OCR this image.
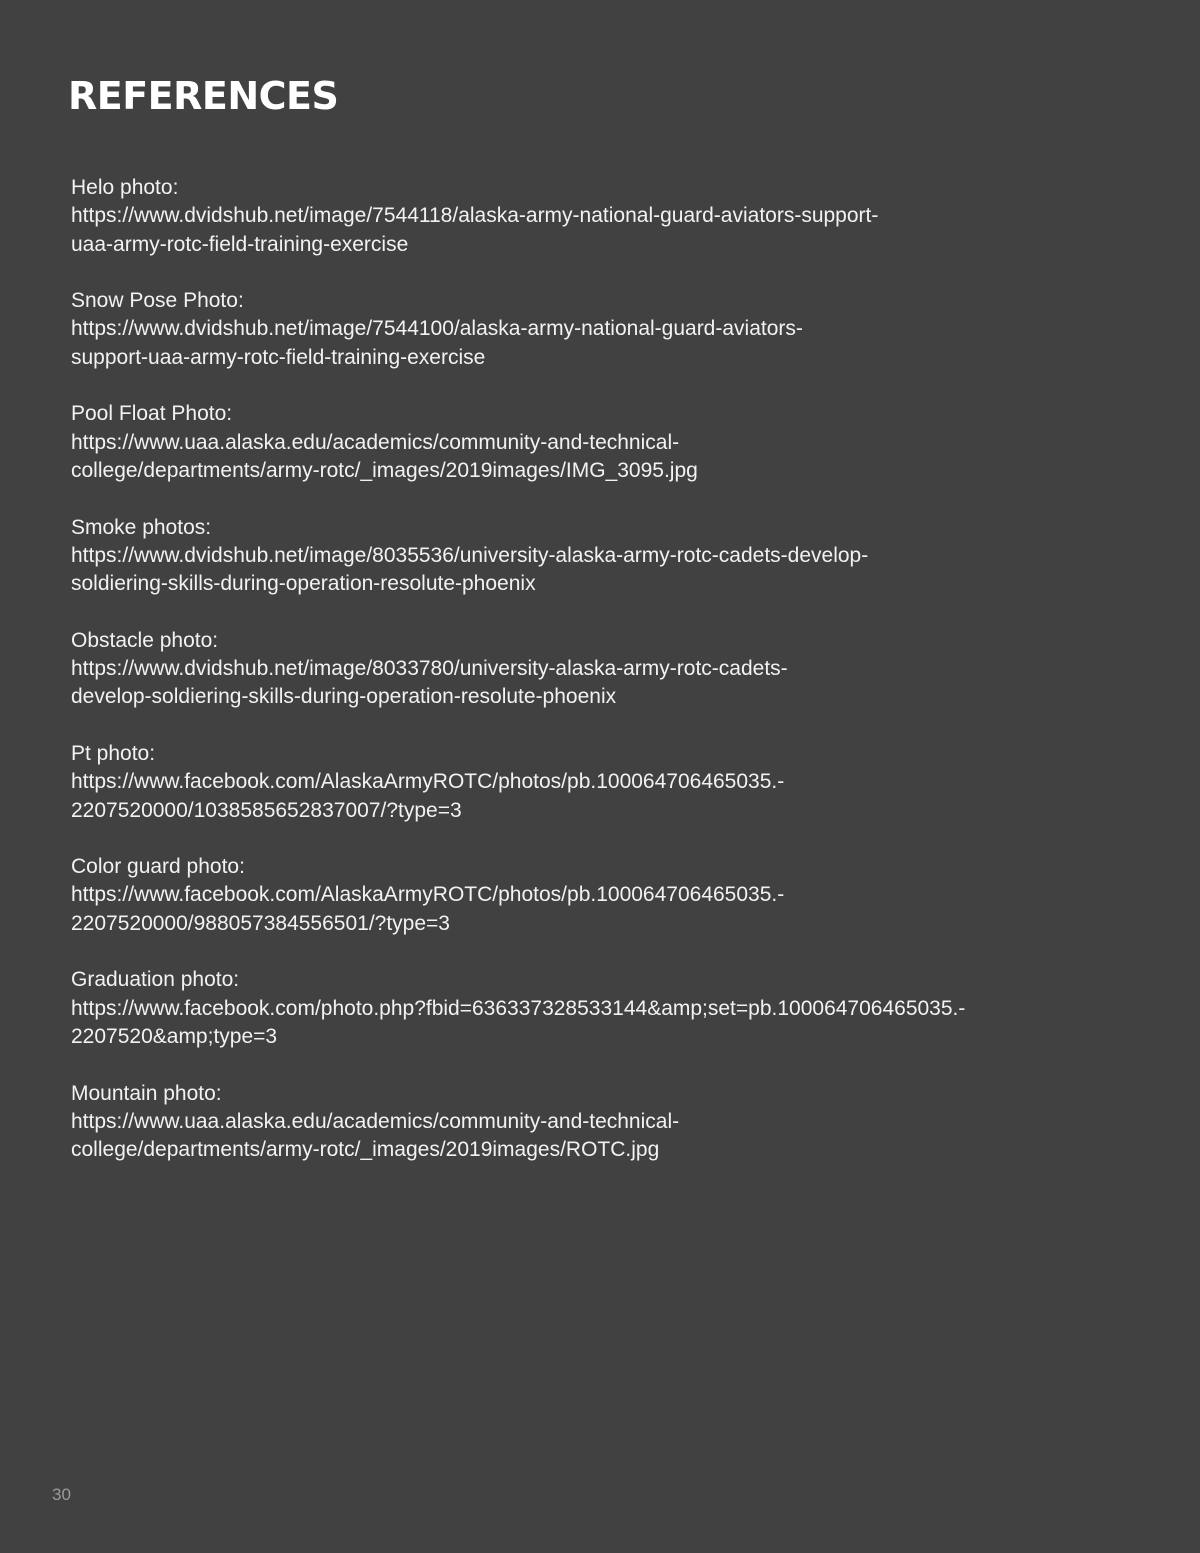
REFERENCES
Helo photo:
https://www.dvidshub.net/image/7544118/alaska-army-national-guard-aviators-support-
uaa-army-rotc-field-training-exercise
Snow Pose Photo:
https://www.dvidshub.net/image/7544100/alaska-army-national-guard-aviators-
support-uaa-army-rotc-field-training-exercise
Pool Float Photo:
https://www.uaa.alaska.edu/academics/community-and-technical-
college/departments/army-rotc/_images/2019images/IMG_3095.jpg
Smoke photos:
https://www.dvidshub.net/image/8035536/university-alaska-army-rotc-cadets-develop-
soldiering-skills-during-operation-resolute-phoenix
Obstacle photo:
https://www.dvidshub.net/image/8033780/university-alaska-army-rotc-cadets-
develop-soldiering-skills-during-operation-resolute-phoenix
Pt photo:
https://www.facebook.com/AlaskaArmyROTC/photos/pb.100064706465035.-
2207520000/1038585652837007/?type=3
Color guard photo:
https://www.facebook.com/AlaskaArmyROTC/photos/pb.100064706465035.-
2207520000/988057384556501/?type=3
Graduation photo:
https://www.facebook.com/photo.php?fbid=636337328533144&amp;set=pb.100064706465035.-
2207520&amp;type=3
Mountain photo:
https://www.uaa.alaska.edu/academics/community-and-technical-
college/departments/army-rotc/_images/2019images/ROTC.jpg
30
